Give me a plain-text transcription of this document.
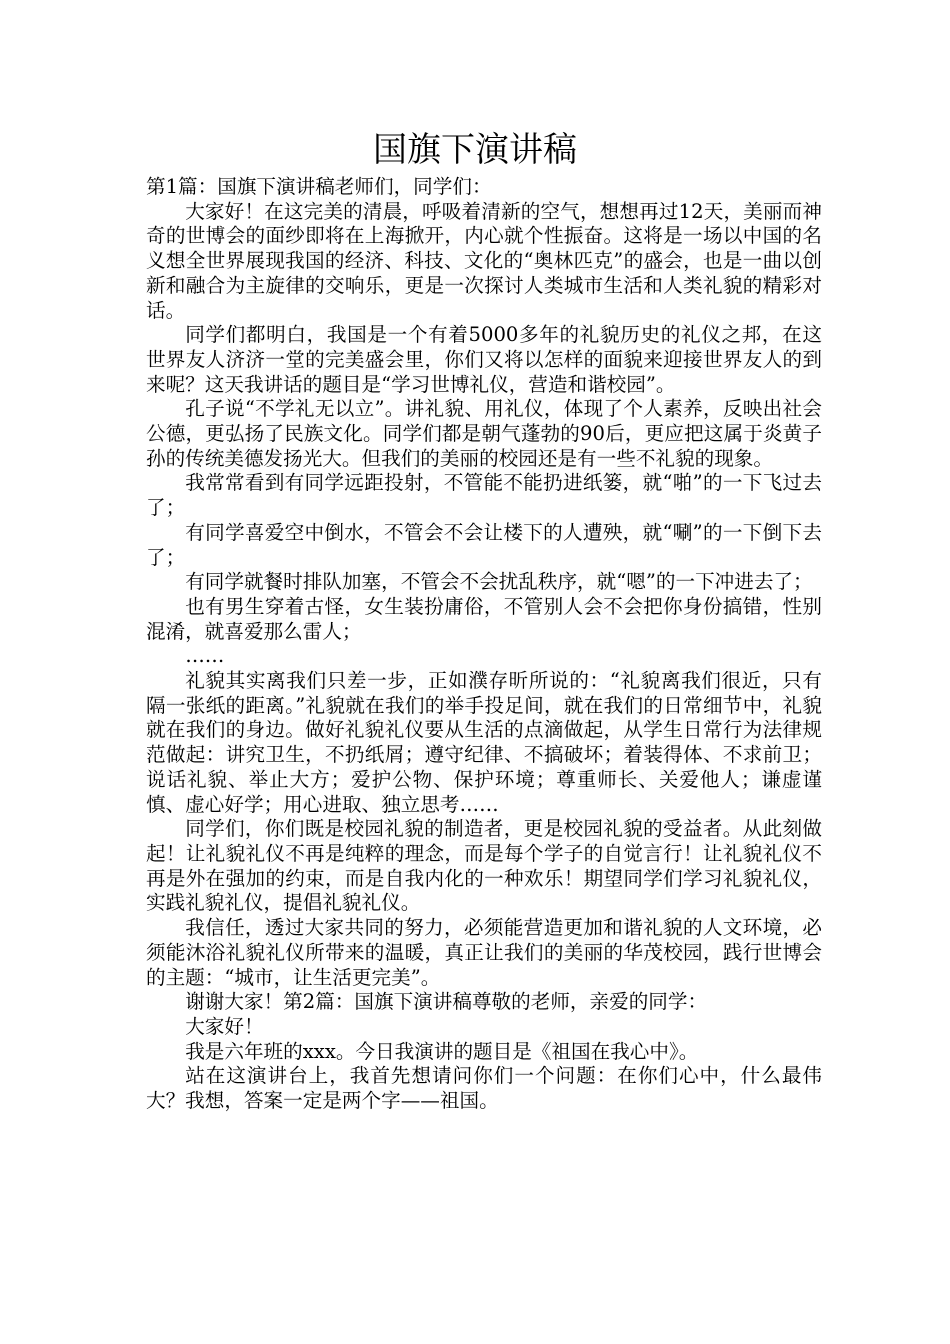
国旗下演讲稿

第1篇：国旗下演讲稿老师们，同学们：

大家好！在这完美的清晨，呼吸着清新的空气，想想再过12天，美丽而神奇的世博会的面纱即将在上海掀开，内心就个性振奋。这将是一场以中国的名义想全世界展现我国的经济、科技、文化的“奥林匹克”的盛会，也是一曲以创新和融合为主旋律的交响乐，更是一次探讨人类城市生活和人类礼貌的精彩对话。

同学们都明白，我国是一个有着5000多年的礼貌历史的礼仪之邦，在这世界友人济济一堂的完美盛会里，你们又将以怎样的面貌来迎接世界友人的到来呢？这天我讲话的题目是“学习世博礼仪，营造和谐校园”。

孔子说“不学礼无以立”。讲礼貌、用礼仪，体现了个人素养，反映出社会公德，更弘扬了民族文化。同学们都是朝气蓬勃的90后，更应把这属于炎黄子孙的传统美德发扬光大。但我们的美丽的校园还是有一些不礼貌的现象。

我常常看到有同学远距投射，不管能不能扔进纸篓，就“啪”的一下飞过去了；

有同学喜爱空中倒水，不管会不会让楼下的人遭殃，就“唰”的一下倒下去了；

有同学就餐时排队加塞，不管会不会扰乱秩序，就“嗯”的一下冲进去了；

也有男生穿着古怪，女生装扮庸俗，不管别人会不会把你身份搞错，性别混淆，就喜爱那么雷人；

……

礼貌其实离我们只差一步，正如濮存昕所说的：“礼貌离我们很近，只有隔一张纸的距离。”礼貌就在我们的举手投足间，就在我们的日常细节中，礼貌就在我们的身边。做好礼貌礼仪要从生活的点滴做起，从学生日常行为法律规范做起：讲究卫生，不扔纸屑；遵守纪律、不搞破坏；着装得体、不求前卫；说话礼貌、举止大方；爱护公物、保护环境；尊重师长、关爱他人；谦虚谨慎、虚心好学；用心进取、独立思考……

同学们，你们既是校园礼貌的制造者，更是校园礼貌的受益者。从此刻做起！让礼貌礼仪不再是纯粹的理念，而是每个学子的自觉言行！让礼貌礼仪不再是外在强加的约束，而是自我内化的一种欢乐！期望同学们学习礼貌礼仪，实践礼貌礼仪，提倡礼貌礼仪。

我信任，透过大家共同的努力，必须能营造更加和谐礼貌的人文环境，必须能沐浴礼貌礼仪所带来的温暖，真正让我们的美丽的华茂校园，践行世博会的主题：“城市，让生活更完美”。

谢谢大家！第2篇：国旗下演讲稿尊敬的老师，亲爱的同学：

大家好！

我是六年班的xxx。今日我演讲的题目是《祖国在我心中》。

站在这演讲台上，我首先想请问你们一个问题：在你们心中，什么最伟大？我想，答案一定是两个字——祖国。
